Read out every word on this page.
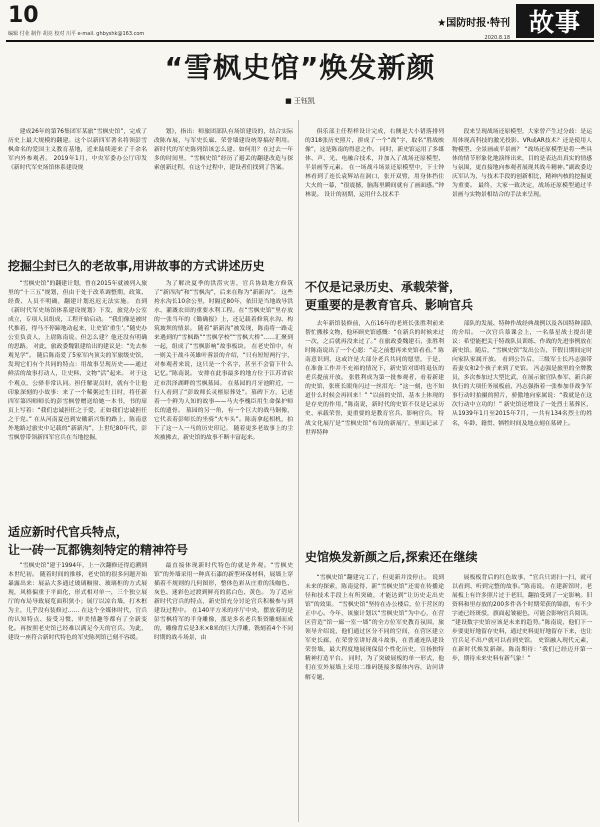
10
编辑 付业 制作 胡亮 校对 川平 e-mail. ghbyshk@163.com
★国防时报·特刊
2020.8.18
故事
“雪枫史馆”焕发新颜
■ 王钰凯

建成26年的第76集团军某旅“雪枫史馆”，完成了历史上最大规模的翻建。这个以新四军著名将领彭雪枫命名的爱国主义教育基地，近来陆续迎来了千余名军内外参观者。 2019年1月，中央军委办公厅印发《新时代军史场馆体系建设规

划》，指出：师旅团部队有场馆建设的，结合实际改陈布展，与军史长廊、荣誉墙建设统筹搞好利用。 新时代的军史陈列馆该怎么建、如何用？在过去一年多的时间里，“雪枫史馆”经历了避丢的翻建改造与探索创新过程，在这个过程中，建设者们找到了答案。

挖掘尘封已久的老故事,用讲故事的方式讲述历史

“雪枫史馆”的翻建计划，曾在2015年就被列入旅里的“十三五”规划，但由于处于改革调整期，政策、经费、人员不明确，翻建计划迟迟无法实施。 直到《新时代军史场馆体系建设规划》下发，旅党办公室成立，专项人员组成，工程开始启动。 “我们像是被时代推着，得马不停蹄地动起来，让史馆‘重生’。”随史办公室负责人，上尉陈南说。但怎么建？他还没有明确的思路。 对此，旅政委魏银建给出的建议是：“先去参观见学”。 随后陈南爱了5家军内顶尖的军旅级史馆，发现它们有个共同的特点：用故事呈现历史——通过鲜活的故事打动人，让史料、文物“活”起来。 对于这个观点，公驿非常认同。担任解说员时，就有个让他印象深刻的小故事：来了一个稀粥过生日时，将任新四军第四师师长的彭雪枫曾赠送给她一本书，书的扉页上写着：“我们忠诚担任之于爱，正如我们忠诚担任之于党。” 在从河南夏邑到安徽新兴集的路上，陈南意外地路过旅史中记载的“新新沟”，上世纪80年代，彭雪枫曾带领新四军官兵在当地挖掘，

为了解决夏季的洪涝灾害，官兵协助地方修筑了“新四沟”和“雪枫沟”，后来在称为“新新沟”。 这些挎水沟长10余公里，时隔近80年，依旧是当地战导洪水、灌溉农田的重要水利工程。在“雪枫史馆”里存放的一张当年的《锄确报》上，还记载着修筑水沟、构筑坡坝的情景。 随着“新新沟”被发现，陈南将一路走来遇到的“雪枫路”“雪枫学校”“雪枫大桥”……汇聚到一起，组成了“雪枫影响”故事板块。 在老史馆中，有一则关于战斗英雄叶蓉景的介绍，“只有短短两行字，对参观者来说，这只是一个名字，甚至不会留下什么记忆。”陈南说。 安排在此事最多的地方位于江苏省宿迁市洪泽湖畔的雪枫墓园。 在墓园的月牙池附近，一行人看到了“彭故师长灵柩原葬处”。墓碑下方，记述着一个鲜为人知的故事——马夫李槐臣用生命保护师长的遗骨。 墓园的另一角，有一个巨大的战马铜像，它代表着彭师长的坐骑“火车头”。陈南拿起相机，拍下了这一人一马的历史印记。 随着更多老故事上的尘埃被拂去，新史馆的故事不断丰富起来。

适应新时代官兵特点，
让一砖一瓦都镌刻特定的精神符号

“雪枫史馆”建于1994年，上一次翻修还得追溯到本世纪初。 随着时间的推移，老史馆的很多问题开始暴露出来：展品大多通过玻璃橱窗、玻璃柜的方式展现，风格偏重于平面化，形式相对单一，三个独立展厅的布局导致展览面积狭小；展厅以凉台墙，打木框为主，几乎没有装修过…… 在这个全媒体时代，官兵的认知特点、接受习惯、审美情趣等都有了全新变化。再按照老史馆已经难以满足今天的官兵。为此，建设一座符合新时代特色的军史陈列馆已刻不容缓。

最直接体现新时代特色的就是外观。“雪枫史馆”的外墙采用一种真石漆的新型环保材料，展墙上穿插着不规则的几何图形，整体色彩从庄重的浅咖色、灰色、迷彩色过渡到鲜亮的蓝白色、黄色。 为了适应新时代官兵的特点，新史馆充分讨论官兵积极参与到建设过程中。 在140平方米的序厅中央，摆放着的是彭雪枫将军的半身雕像，那是多名老兵集资雕刻而成的，雕像背后是3米×8米的巨大浮雕，镌刻着4个不同时期的战斗场景，由

俱乐部主任程样设计完成，右侧是大小错落排列的318张历史照片，拼成了一个“战”字，取名“胜战映像”，这是陈南的得意之作。 同时，新史馆运用了多媒体、声、光、电融合技术，并加入了战场还原模型、半景画等元素。 在一场战斗场景还原模型中，下士钟林看到了连长袁辉站在洞口，张开双臂，用身体挡住大火的一幕，“很震撼，脑海里瞬间就有了画面感。”钟林说。 设计的初期，运用什么技术手

段来呈现战场还原模型，大家曾产生过分歧：是运用体现高科技的激光投影、VR或AR技术？还是使用人物模型、全景画或半景画？ “战场还原模型是将一些具体的情节形象化地演绎出来，目的是表达出真实的情感与氛围，更直接地向参观者展现其战斗精神。”副政委边庆军认为，与技术手段的创新相比，精神内核的挖掘更为重要。 最终，大家一致决定，战场还原模型通过半景画与实物景相结合的手法来呈现。

不仅是记录历史、承载荣誉，
更重要的是教育官兵、影响官兵

去年新馆装修前，入伍16年的老班长张胜利前来帮忙搬移文物，他环顾史馆感慨：“在新兵的时候来过一次，之后就再没来过了。” 在旅政委魏建石，张胜利时陈南说出了一个心愿：“走之前想再来史馆看看。” 陈南意识到，这或许是大部分老兵共同的愿望，于是，在准备工作并不充裕的情况下，新史馆对即将退伍的老兵提前开放。 张胜利成为第一批参观者，看着新建的史馆，张班长眼角闪过一丝泪光：“这一刻，也不知道什么时候会再回来！” “以前的史馆，基本上体现的是存史的作用，”陈南说，新时代的史馆不仅是记录历史、承载荣誉，更重要的是教育官兵、影响官兵。 特战文化展厅是“雪枫史馆”布设的新展厅，里面记录了世界特种

部队的发展、特种作战经典战例以及各国特种部队的介绍。 一次官兵慕课会上，一名慕星战士提出建议：希望能把关于特战队员训练、作战的先进事例放在新史馆。随后，“雪枫史馆”发出公告，节假日期间定时向家队家属开放。 看到公告后，三级军士长冯志强带着妻女和2个孩子来到了史馆。 冯志强是旅里的全牌教员，多次参加过大型比武，在展示旅官队参军、新兵新执行的大项任务展板前，冯志强指着一张参加非战争军事行动时拍摄的照片，骄傲地向家属说：“我就是在这次行动中立功的！” 新史馆还增设了一处烈士墓葬区，从1939年1月至2015年7月，一共有134名烈士的姓名，年龄、籍贯、牺牲时间及地点刻在墓碑上。

史馆焕发新颜之后,探索还在继续

“雪枫史馆”翻建完工了，但更新并没停止。 说到未来的探索，陈南觉得，新“雪枫史馆”还需在传播途径和技术手段上有所突破，才能达到“让历史走出史馆”的效果。 “雪枫史馆”坚持在办公楼后，位于营区的正中心。今年，该旅计划以“雪枫史馆”为中心，在营区营造“馆一廊一室一墙”的全方位军史教育氛围，旅领导介绍说，他们通过区分不同的空间，在营区建立军史长廊，在荣誉室讲好战斗故事，在普通连队建设荣誉墙，最大程度地展现保留个性化历史，宣扬独特精神打造平台。 同时，为了突破展板的单一形式，他们在室外展墙上采用二维码链接多媒体内容，访问讲解专题，

展板板背后的红色故事，“官兵只需扫一扫，就可以看到、听到完整的故事。”陈南说。 在建新馆时，老展板上有许多照片过于老旧，翻拍受到了一定影响。旧资料和里存放的200多件各个时期荣获的锦旗，有不少字迹已经斑驳，旗面起皱褪色，可能会影响官兵阅读。 “建设数字史馆应该是未来的趋势。”陈南说，他们下一步要更好地留存史料，通过史料更好地留存下来，也让官兵足不出户就可以看到史馆。 史馆融入现代元素，在新时代焕发新颜。陈南期待：‘我们已经迈开第一步，期待未来史料有新气象！”
